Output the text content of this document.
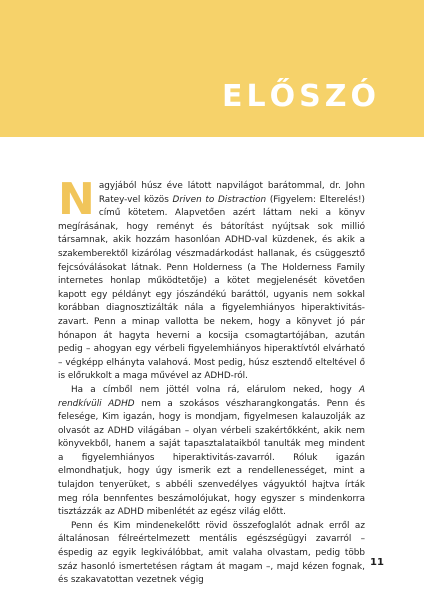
ELŐSZÓ

Nagyjából húsz éve látott napvilágot barátommal, dr. John Ratey-vel közös Driven to Distraction (Figyelem: Elterelés!) című kötetem. Alapvetően azért láttam neki a könyv megírásának, hogy reményt és bátorítást nyújtsak sok millió társamnak, akik hozzám hasonlóan ADHD-val küzdenek, és akik a szakemberektől kizárólag vészmadárkodást hallanak, és csüggesztő fejcsóválásokat látnak. Penn Holderness (a The Holderness Family internetes honlap működtetője) a kötet megjelenését követően kapott egy példányt egy jószándékú baráttól, ugyanis nem sokkal korábban diagnosztizálták nála a figyelemhiányos hiperaktivitás-zavart. Penn a minap vallotta be nekem, hogy a könyvet jó pár hónapon át hagyta heverni a kocsija csomagtartójában, azután pedig – ahogyan egy vérbeli figyelemhiányos hiperaktívtól elvárható – végképp elhányta valahová. Most pedig, húsz esztendő elteltével ő is előrukkolt a maga művével az ADHD-ról.

Ha a címből nem jöttél volna rá, elárulom neked, hogy A rendkívüli ADHD nem a szokásos vészharangkongatás. Penn és felesége, Kim igazán, hogy is mondjam, figyelmesen kalauzolják az olvasót az ADHD világában – olyan vérbeli szakértőkként, akik nem könyvekből, hanem a saját tapasztalataikból tanulták meg mindent a figyelemhiányos hiperaktivitás-zavarról. Róluk igazán elmondhatjuk, hogy úgy ismerik ezt a rendellenességet, mint a tulajdon tenyerüket, s abbéli szenvedélyes vágyuktól hajtva írták meg róla bennfentes beszámolójukat, hogy egyszer s mindenkorra tisztázzák az ADHD mibenlétét az egész világ előtt.

Penn és Kim mindenekelőtt rövid összefoglalót adnak erről az általánosan félreértelmezett mentális egészségügyi zavarról – éspedig az egyik legkiválóbbat, amit valaha olvastam, pedig több száz hasonló ismertetésen rágtam át magam –, majd kézen fognak, és szakavatottan vezetnek végig

11
